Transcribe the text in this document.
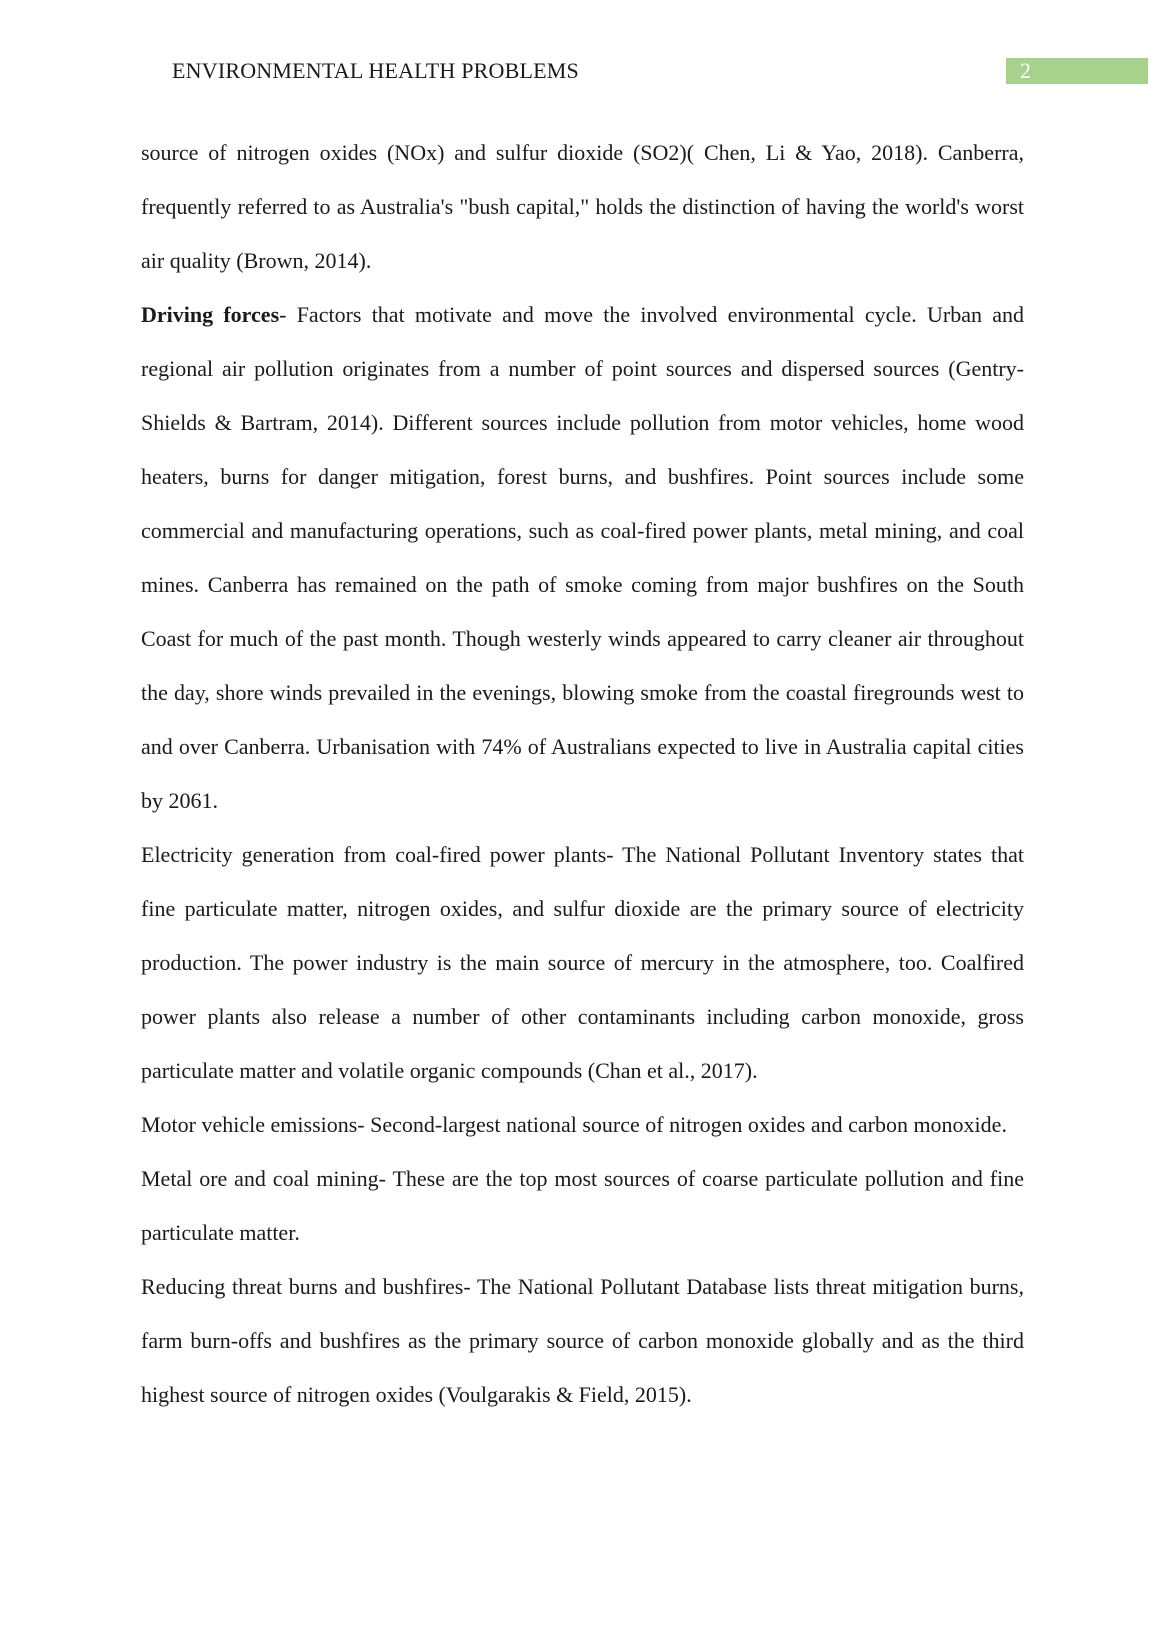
ENVIRONMENTAL HEALTH PROBLEMS	2

source of nitrogen oxides (NOx) and sulfur dioxide (SO2)( Chen, Li & Yao, 2018). Canberra, frequently referred to as Australia's "bush capital," holds the distinction of having the world's worst air quality (Brown, 2014).

Driving forces- Factors that motivate and move the involved environmental cycle. Urban and regional air pollution originates from a number of point sources and dispersed sources (Gentry-Shields & Bartram, 2014). Different sources include pollution from motor vehicles, home wood heaters, burns for danger mitigation, forest burns, and bushfires. Point sources include some commercial and manufacturing operations, such as coal-fired power plants, metal mining, and coal mines. Canberra has remained on the path of smoke coming from major bushfires on the South Coast for much of the past month. Though westerly winds appeared to carry cleaner air throughout the day, shore winds prevailed in the evenings, blowing smoke from the coastal firegrounds west to and over Canberra. Urbanisation with 74% of Australians expected to live in Australia capital cities by 2061.

Electricity generation from coal-fired power plants- The National Pollutant Inventory states that fine particulate matter, nitrogen oxides, and sulfur dioxide are the primary source of electricity production. The power industry is the main source of mercury in the atmosphere, too. Coalfired power plants also release a number of other contaminants including carbon monoxide, gross particulate matter and volatile organic compounds (Chan et al., 2017).

Motor vehicle emissions- Second-largest national source of nitrogen oxides and carbon monoxide.

Metal ore and coal mining- These are the top most sources of coarse particulate pollution and fine particulate matter.

Reducing threat burns and bushfires- The National Pollutant Database lists threat mitigation burns, farm burn-offs and bushfires as the primary source of carbon monoxide globally and as the third highest source of nitrogen oxides (Voulgarakis & Field, 2015).
